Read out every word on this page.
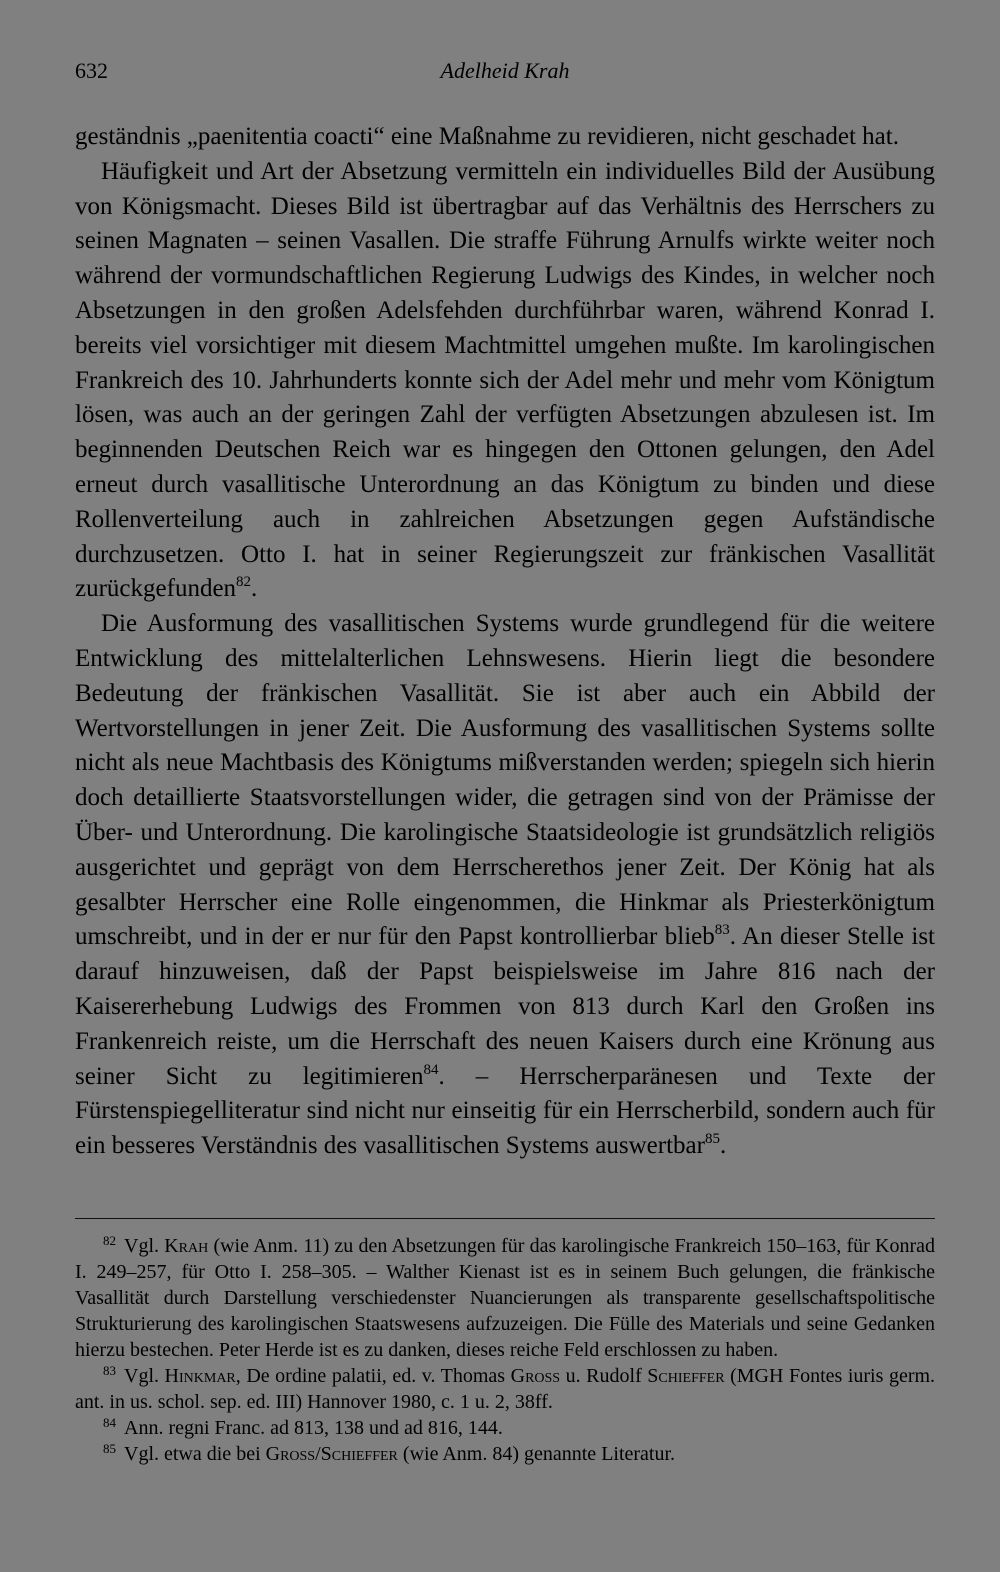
632	Adelheid Krah

geständnis „paenitentia coacti“ eine Maßnahme zu revidieren, nicht geschadet hat.

Häufigkeit und Art der Absetzung vermitteln ein individuelles Bild der Ausübung von Königsmacht. Dieses Bild ist übertragbar auf das Verhältnis des Herrschers zu seinen Magnaten – seinen Vasallen. Die straffe Führung Arnulfs wirkte weiter noch während der vormundschaftlichen Regierung Ludwigs des Kindes, in welcher noch Absetzungen in den großen Adelsfehden durchführbar waren, während Konrad I. bereits viel vorsichtiger mit diesem Machtmittel umgehen mußte. Im karolingischen Frankreich des 10. Jahrhunderts konnte sich der Adel mehr und mehr vom Königtum lösen, was auch an der geringen Zahl der verfügten Absetzungen abzulesen ist. Im beginnenden Deutschen Reich war es hingegen den Ottonen gelungen, den Adel erneut durch vasallitische Unterordnung an das Königtum zu binden und diese Rollenverteilung auch in zahlreichen Absetzungen gegen Aufständische durchzusetzen. Otto I. hat in seiner Regierungszeit zur fränkischen Vasallität zurückgefunden$^{82}$.

Die Ausformung des vasallitischen Systems wurde grundlegend für die weitere Entwicklung des mittelalterlichen Lehnswesens. Hierin liegt die besondere Bedeutung der fränkischen Vasallität. Sie ist aber auch ein Abbild der Wertvorstellungen in jener Zeit. Die Ausformung des vasallitischen Systems sollte nicht als neue Machtbasis des Königtums mißverstanden werden; spiegeln sich hierin doch detaillierte Staatsvorstellungen wider, die getragen sind von der Prämisse der Über- und Unterordnung. Die karolingische Staatsideologie ist grundsätzlich religiös ausgerichtet und geprägt von dem Herrscherethos jener Zeit. Der König hat als gesalbter Herrscher eine Rolle eingenommen, die Hinkmar als Priesterkönigtum umschreibt, und in der er nur für den Papst kontrollierbar blieb$^{83}$. An dieser Stelle ist darauf hinzuweisen, daß der Papst beispielsweise im Jahre 816 nach der Kaisererhebung Ludwigs des Frommen von 813 durch Karl den Großen ins Frankenreich reiste, um die Herrschaft des neuen Kaisers durch eine Krönung aus seiner Sicht zu legitimieren$^{84}$. – Herrscherparänesen und Texte der Fürstenspiegelliteratur sind nicht nur einseitig für ein Herrscherbild, sondern auch für ein besseres Verständnis des vasallitischen Systems auswertbar$^{85}$.

$^{82}$ Vgl. Krah (wie Anm. 11) zu den Absetzungen für das karolingische Frankreich 150–163, für Konrad I. 249–257, für Otto I. 258–305. – Walther Kienast ist es in seinem Buch gelungen, die fränkische Vasallität durch Darstellung verschiedenster Nuancierungen als transparente gesellschaftspolitische Strukturierung des karolingischen Staatswesens aufzuzeigen. Die Fülle des Materials und seine Gedanken hierzu bestechen. Peter Herde ist es zu danken, dieses reiche Feld erschlossen zu haben.

$^{83}$ Vgl. Hinkmar, De ordine palatii, ed. v. Thomas Gross u. Rudolf Schieffer (MGH Fontes iuris germ. ant. in us. schol. sep. ed. III) Hannover 1980, c. 1 u. 2, 38ff.

$^{84}$ Ann. regni Franc. ad 813, 138 und ad 816, 144.

$^{85}$ Vgl. etwa die bei Gross/Schieffer (wie Anm. 84) genannte Literatur.
